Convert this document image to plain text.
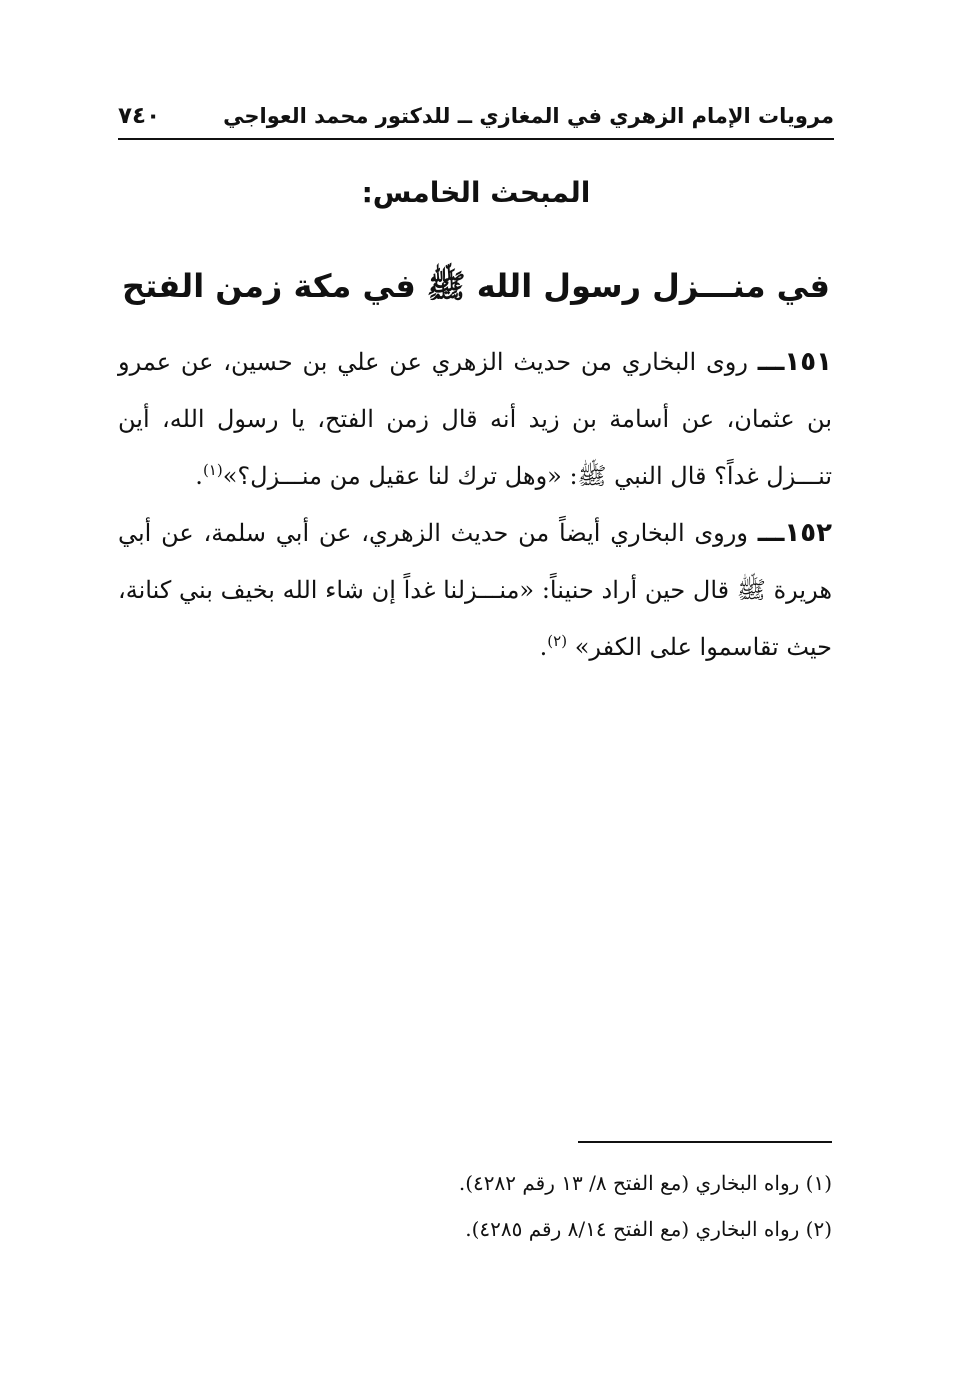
مرويات الإمام الزهري في المغازي ــ للدكتور محمد العواجي
٧٤٠
المبحث الخامس:
في منـــزل رسول الله ﷺ في مكة زمن الفتح

١٥١ـــ روى البخاري من حديث الزهري عن علي بن حسين، عن عمرو بن عثمان، عن أسامة بن زيد أنه قال زمن الفتح، يا رسول الله، أين تنـــزل غداً؟ قال النبي ﷺ: «وهل ترك لنا عقيل من منـــزل؟»$^{(١)}$.

١٥٢ـــ وروى البخاري أيضاً من حديث الزهري، عن أبي سلمة، عن أبي هريرة ﷺ قال حين أراد حنيناً: «منـــزلنا غداً إن شاء الله بخيف بني كنانة، حيث تقاسموا على الكفر» $^{(٢)}$.

(١) رواه البخاري (مع الفتح ٨/ ١٣ رقم ٤٢٨٢).

(٢) رواه البخاري (مع الفتح ٨/١٤ رقم ٤٢٨٥).
